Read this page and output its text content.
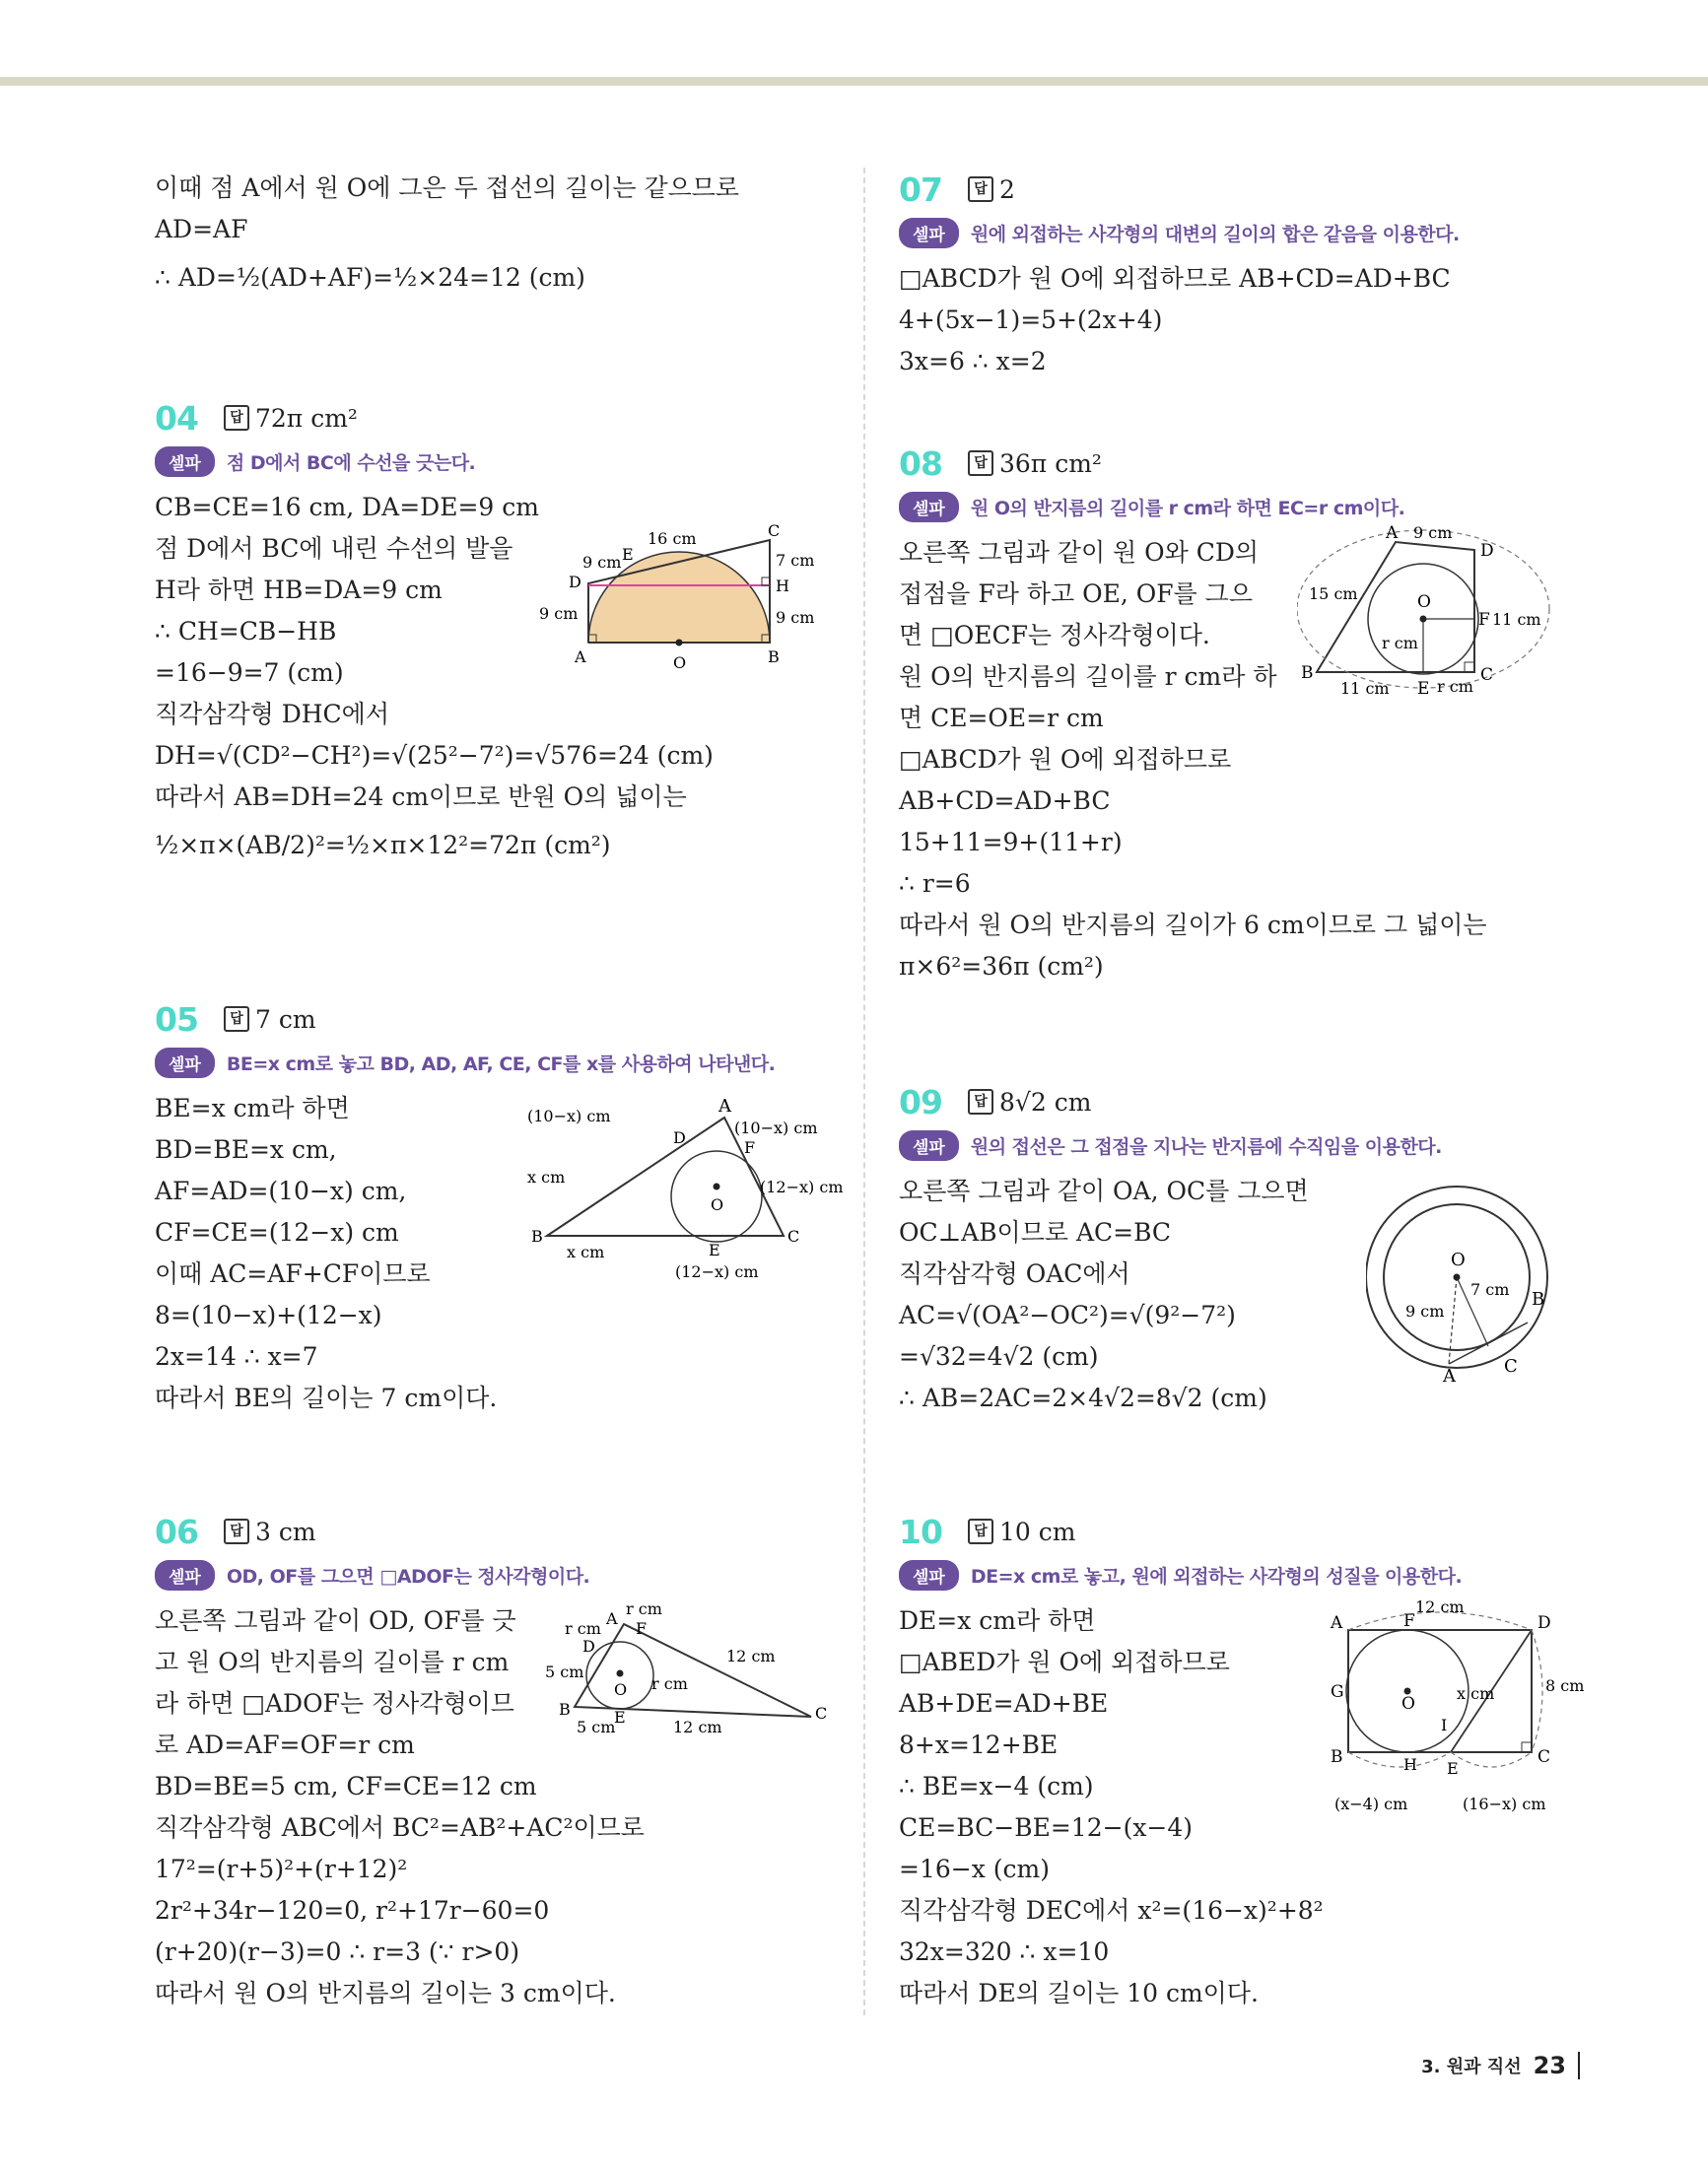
이때 점 A에서 원 O에 그은 두 접선의 길이는 같으므로
AD=AF
∴ AD=½(AD+AF)=½×24=12 (cm)
04	답 72π cm²
셀파	점 D에서 BC에 수선을 긋는다.
CB=CE=16 cm, DA=DE=9 cm
점 D에서 BC에 내린 수선의 발을
H라 하면 HB=DA=9 cm
∴ CH=CB−HB
=16−9=7 (cm)
직각삼각형 DHC에서
DH=√(CD²−CH²)=√(25²−7²)=√576=24 (cm)
따라서 AB=DH=24 cm이므로 반원 O의 넓이는
½×π×(AB/2)²=½×π×12²=72π (cm²)
16 cm	C
9 cm E
D
7 cm
H
9 cm
9 cm
A	O	B
05	답 7 cm
셀파	BE=x cm로 놓고 BD, AD, AF, CE, CF를 x를 사용하여 나타낸다.
BE=x cm라 하면
BD=BE=x cm,
AF=AD=(10−x) cm,
CF=CE=(12−x) cm
이때 AC=AF+CF이므로
8=(10−x)+(12−x)
2x=14 ∴ x=7
따라서 BE의 길이는 7 cm이다.
(10−x) cm	A
(10−x) cm
D
F
x cm
(12−x) cm
O
B	C
x cm	E
(12−x) cm
06	답 3 cm
셀파	OD, OF를 그으면 □ADOF는 정사각형이다.
오른쪽 그림과 같이 OD, OF를 긋
고 원 O의 반지름의 길이를 r cm
라 하면 □ADOF는 정사각형이므
로 AD=AF=OF=r cm
BD=BE=5 cm, CF=CE=12 cm
직각삼각형 ABC에서 BC²=AB²+AC²이므로
17²=(r+5)²+(r+12)²
2r²+34r−120=0, r²+17r−60=0
(r+20)(r−3)=0 ∴ r=3 (∵ r>0)
따라서 원 O의 반지름의 길이는 3 cm이다.
r cm
A
r cm F
D
12 cm
5 cm
O r cm
B	C
5 cm
E
12 cm
07	답 2
셀파	원에 외접하는 사각형의 대변의 길이의 합은 같음을 이용한다.
□ABCD가 원 O에 외접하므로 AB+CD=AD+BC
4+(5x−1)=5+(2x+4)
3x=6 ∴ x=2
08	답 36π cm²
셀파	원 O의 반지름의 길이를 r cm라 하면 EC=r cm이다.
오른쪽 그림과 같이 원 O와 CD의
접점을 F라 하고 OE, OF를 그으
면 □OECF는 정사각형이다.
원 O의 반지름의 길이를 r cm라 하
면 CE=OE=r cm
□ABCD가 원 O에 외접하므로
AB+CD=AD+BC
15+11=9+(11+r)
∴ r=6
따라서 원 O의 반지름의 길이가 6 cm이므로 그 넓이는
π×6²=36π (cm²)
A 9 cm
D
15 cm	O
F 11 cm
r cm
B
11 cm E r cm
C
09	답 8√2 cm
셀파	원의 접선은 그 접점을 지나는 반지름에 수직임을 이용한다.
오른쪽 그림과 같이 OA, OC를 그으면
OC⊥AB이므로 AC=BC
직각삼각형 OAC에서
AC=√(OA²−OC²)=√(9²−7²)
=√32=4√2 (cm)
∴ AB=2AC=2×4√2=8√2 (cm)
O
7 cm B
9 cm
A	C
10	답 10 cm
셀파	DE=x cm로 놓고, 원에 외접하는 사각형의 성질을 이용한다.
DE=x cm라 하면
□ABED가 원 O에 외접하므로
AB+DE=AD+BE
8+x=12+BE
∴ BE=x−4 (cm)
CE=BC−BE=12−(x−4)
=16−x (cm)
직각삼각형 DEC에서 x²=(16−x)²+8²
32x=320 ∴ x=10
따라서 DE의 길이는 10 cm이다.
12 cm
A	F	D
G
O
x cm	8 cm
I
B	H E
C
(x−4) cm	(16−x) cm
3. 원과 직선 23
